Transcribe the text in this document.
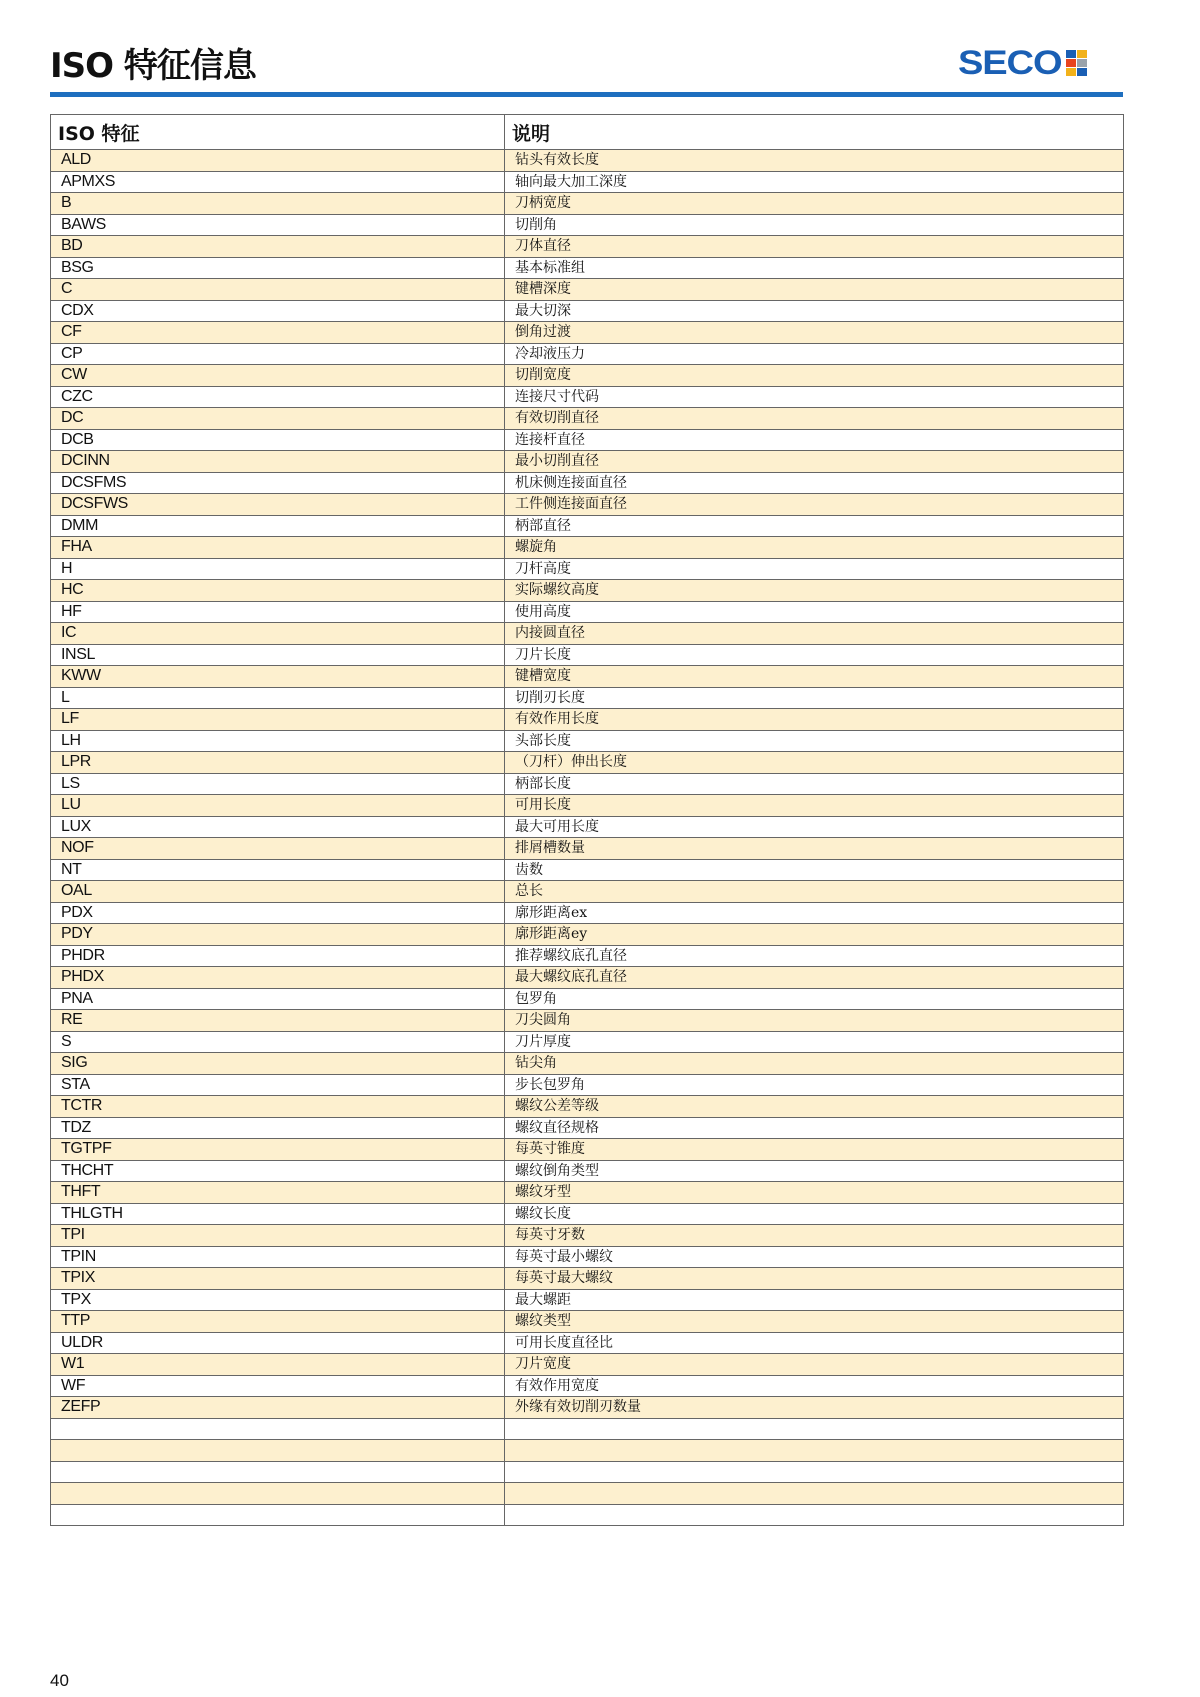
ISO 特征信息	SECO
ISO 特征	说明
ALD	钻头有效长度
APMXS	轴向最大加工深度
B	刀柄宽度
BAWS	切削角
BD	刀体直径
BSG	基本标准组
C	键槽深度
CDX	最大切深
CF	倒角过渡
CP	冷却液压力
CW	切削宽度
CZC	连接尺寸代码
DC	有效切削直径
DCB	连接杆直径
DCINN	最小切削直径
DCSFMS	机床侧连接面直径
DCSFWS	工件侧连接面直径
DMM	柄部直径
FHA	螺旋角
H	刀杆高度
HC	实际螺纹高度
HF	使用高度
IC	内接圆直径
INSL	刀片长度
KWW	键槽宽度
L	切削刃长度
LF	有效作用长度
LH	头部长度
LPR	（刀杆）伸出长度
LS	柄部长度
LU	可用长度
LUX	最大可用长度
NOF	排屑槽数量
NT	齿数
OAL	总长
PDX	廓形距离ex
PDY	廓形距离ey
PHDR	推荐螺纹底孔直径
PHDX	最大螺纹底孔直径
PNA	包罗角
RE	刀尖圆角
S	刀片厚度
SIG	钻尖角
STA	步长包罗角
TCTR	螺纹公差等级
TDZ	螺纹直径规格
TGTPF	每英寸锥度
THCHT	螺纹倒角类型
THFT	螺纹牙型
THLGTH	螺纹长度
TPI	每英寸牙数
TPIN	每英寸最小螺纹
TPIX	每英寸最大螺纹
TPX	最大螺距
TTP	螺纹类型
ULDR	可用长度直径比
W1	刀片宽度
WF	有效作用宽度
ZEFP	外缘有效切削刃数量

40
